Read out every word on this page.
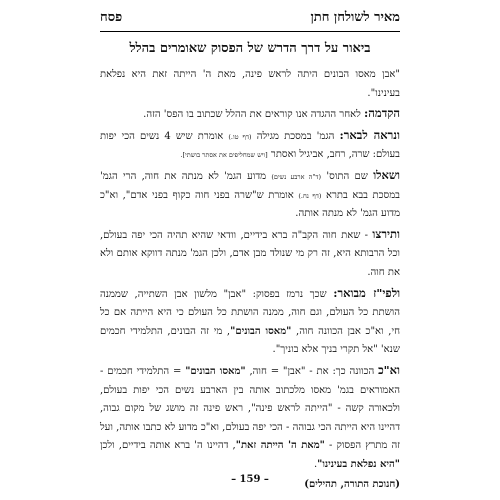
מאיר לשולחן חתן
פסח
ביאור על דרך הדרש של הפסוק שאומרים בהלל

"אבן מאסו הבונים היתה לראש פינה, מאת ה' הייתה זאת היא נפלאת בעינינו".

הקדמה: לאחר ההגדה אנו קוראים את ההלל שכתוב בו הפס' הזה.

ונראה לבאר: הגמ' במסכת מגילה (דף טו.) אומרת שיש 4 נשים הכי יפות בעולם: שרה, רחב, אביגיל ואסתר [ויש שמחליפים את אסתר בושתי].

ושאלו שם התוס' (ד"ה ארבע נשים) מדוע הגמ' לא מנתה את חוה, הרי הגמ' במסכת בבא בתרא (דף נח.) אומרת ש"שרה בפני חוה כקוף בפני אדם", וא"כ מדוע הגמ' לא מנתה אותה.

ותירצו - שאת חוה הקב"ה ברא בידיים, וודאי שהיא תהיה הכי יפה בעולם, וכל הרבותא היא, זה רק מי שנולד מבן אדם, ולכן הגמ' מנתה דווקא אותם ולא את חוה.

ולפי"ז מבואר: שכך נרמז בפסוק: "אבן" מלשון אבן השתייה, שממנה הושתת כל העולם, וגם חוה, ממנה הושתת כל העולם כי היא הייתה אם כל חי, וא"כ אבן הכוונה חוה, "מאסו הבונים", מי זה הבונים, התלמידי חכמים שנא' "אל תקרי בניך אלא בוניך".

וא"כ הכוונה כך: את - "אבן" = חוה, "מאסו הבונים" = התלמידי חכמים - האמוראים בגמ' מאסו מלכתוב אותה בין הארבע נשים הכי יפות בעולם, ולכאורה קשה - "הייתה לראש פינה", ראש פינה זה מושג של מקום גבוה, דהיינו היא הייתה הכי גבוהה - הכי יפה בעולם, וא"כ מדוע לא כתבו אותה, ועל זה מתרץ הפסוק - "מאת ה' הייתה זאת", דהיינו ה' ברא אותה בידיים, ולכן "היא נפלאת בעינינו".

(חנוכת התורה, תהילים)

– 159 –
